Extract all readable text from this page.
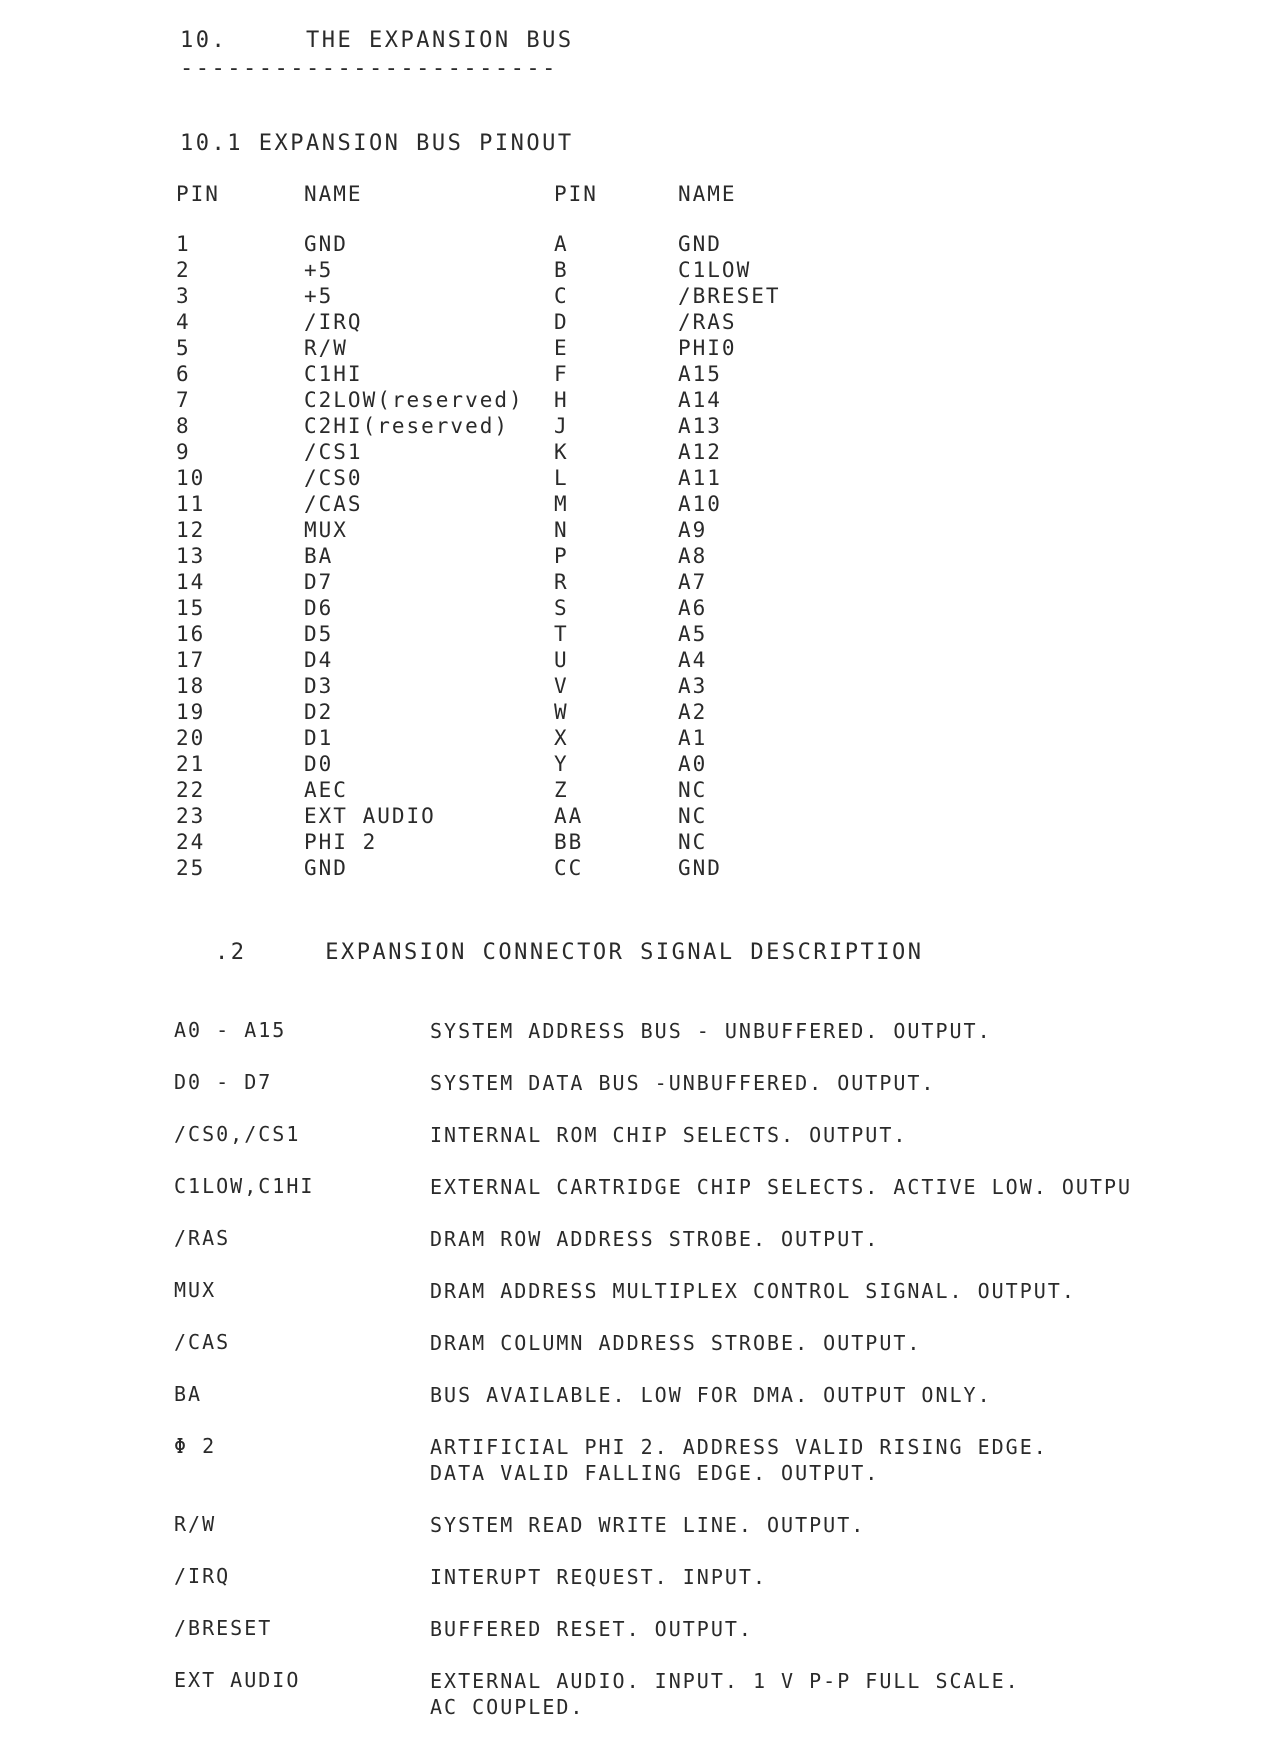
10.	THE EXPANSION BUS
------------------------
10.1 EXPANSION BUS PINOUT
PIN	NAME	PIN	NAME
1	GND	A	GND
2	+5	B	C1LOW
3	+5	C	/BRESET
4	/IRQ	D	/RAS
5	R/W	E	PHI0
6	C1HI	F	A15
7	C2LOW(reserved) H	A14
8	C2HI(reserved) J	A13
9	/CS1	K	A12
10	/CS0	L	A11
11	/CAS	M	A10
12	MUX	N	A9
13	BA	P	A8
14	D7	R	A7
15	D6	S	A6
16	D5	T	A5
17	D4	U	A4
18	D3	V	A3
19	D2	W	A2
20	D1	X	A1
21	D0	Y	A0
22	AEC	Z	NC
23	EXT AUDIO	AA	NC
24	PHI 2	BB	NC
25	GND	CC	GND
.2     EXPANSION CONNECTOR SIGNAL DESCRIPTION
A0 - A15	SYSTEM ADDRESS BUS - UNBUFFERED. OUTPUT.
D0 - D7	SYSTEM DATA BUS -UNBUFFERED. OUTPUT.
/CS0,/CS1	INTERNAL ROM CHIP SELECTS. OUTPUT.
C1LOW,C1HI	EXTERNAL CARTRIDGE CHIP SELECTS. ACTIVE LOW. OUTPU
/RAS	DRAM ROW ADDRESS STROBE. OUTPUT.
MUX	DRAM ADDRESS MULTIPLEX CONTROL SIGNAL. OUTPUT.
/CAS	DRAM COLUMN ADDRESS STROBE. OUTPUT.
BA	BUS AVAILABLE. LOW FOR DMA. OUTPUT ONLY.
Φ 2	ARTIFICIAL PHI 2. ADDRESS VALID RISING EDGE.
DATA VALID FALLING EDGE. OUTPUT.
R/W	SYSTEM READ WRITE LINE. OUTPUT.
/IRQ	INTERUPT REQUEST. INPUT.
/BRESET	BUFFERED RESET. OUTPUT.
EXT AUDIO	EXTERNAL AUDIO. INPUT. 1 V P-P FULL SCALE.
AC COUPLED.
